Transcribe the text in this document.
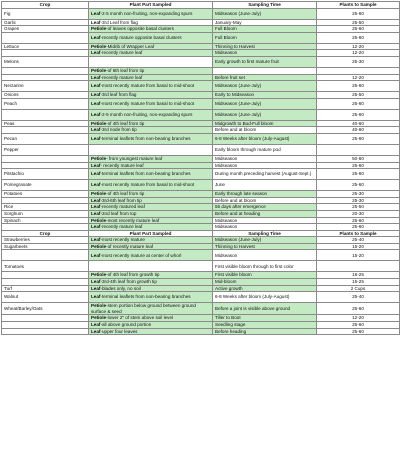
Crop	Plant Part Sampled	Sampling Time	Plants to Sample
Fig	Leaf-2-5 month non-fruiting, non-expanding spurs	Midseason (June-July)	25-60
Garlic	Leaf-3rd Leaf from flag	January-May	25-50
Grapes	Petiole-of leaves opposite basal clusters	Full Bloom	25-60
	Leaf-recently mature opposite basal clusters	Full Bloom	25-60
Lettuce	Petiole-Midrib of Wrapper Leaf	Thinning to Harvest	12-20
	Leaf-recently mature leaf	Midseason	12-20
Melons		Early growth to first mature fruit	25-30
	Petiole-of 6th leaf from tip		
	Leaf-recently mature leaf	Before fruit set	12-20
Nectarine	Leaf-most recently mature from basal to mid-shoot	Midseason (June-July)	25-60
Onions	Leaf-3rd leaf from flag	Early to Midseason	25-50
Peach	Leaf-most recently mature from basal to mid-shoot	Midseason (June-July)	25-60
	Leaf-2-5 month non-fruiting, non-expanding spurs	Midseason (June-July)	25-60
Peas	Petiole-of 4th leaf from tip	Midgrowth to Bud-Full bloom	40-60
	Leaf-3rd node from tip	Before and at bloom	40-60
Pecan	Leaf-terminal leaflets from non-bearing branches	6-8 Weeks after bloom (July-August)	25-60
Pepper		Early bloom through mature pod	
	Petiole- from youngest mature leaf	Midseason	50-60
	Leaf- recently mature leaf	Midseason	25-60
Pitstachio	Leaf-terminal leaflets from non-bearing branches	During month preceding harvest (August-Sept.)	25-60
Pomegranate	Leaf-most recently mature from basal to mid-shoot	June	25-60
Potatoes	Petiole-of 4th leaf from tip	Early through late season	25-30
	Leaf-3rd-6th leaf from tip	Before and at bloom	25-30
Rice	Leaf-recently matured leaf	55 days after emergence	25-50
Sorghum	Leaf-2nd leaf from top	Before and at heading	20-30
Spinach	Petiole-most recently mature leaf	Midseason	25-60
	Leaf-recently mature leaf	Midseason	25-60
Crop	Plant Part Sampled	Sampling Time	Plants to Sample
Strawberries	Leaf-most recently mature	Midseason (June-July)	25-40
Sugarbeets	Petiole-of recently mature leaf	Thinning to Harvest	15-20
	Leaf-most recently mature at center of whorl	Midseason	15-20
Tomatoes		First visible bloom through to first color	
	Petiole-of 4th leaf from growth tip	First visible bloom	16-25
	Leaf-3rd-4th leaf from growth tip	Mid-bloom	15-25
Turf	Leaf-blades only, no soil	Active growth	2 Cups
Walnut	Leaf-terminal leaflets from non-bearing branches	6-8 Weeks after bloom (July-August)	25-40
Wheat/Barley/Oats	Petiole-stem portion below ground between ground surface & seed	Before a joint is visible above ground	25-60
	Petiole-lower 2" of stem above soil level	Tiller to Boot	12-20
	Leaf-all above ground portion	Seedling stage	25-60
	Leaf-upper four leaves	Before heading	25-60
